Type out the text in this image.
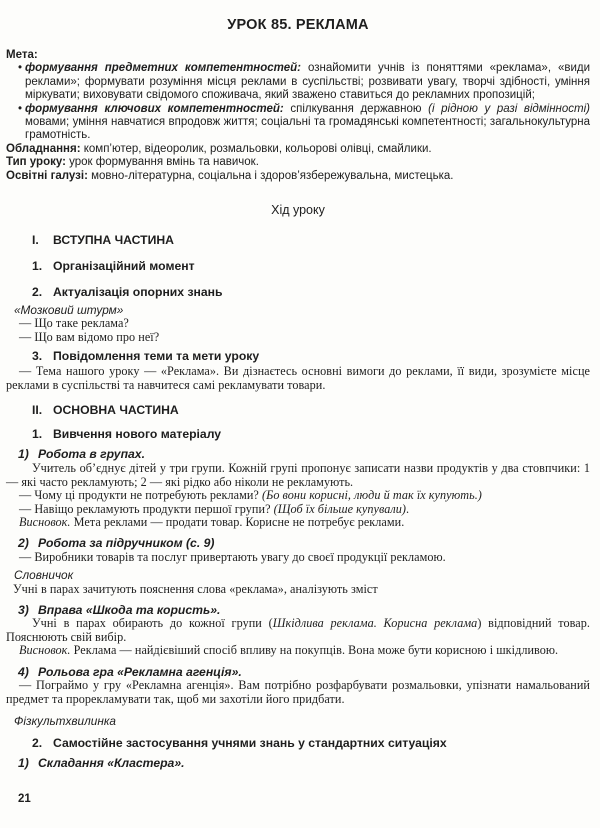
УРОК 85. РЕКЛАМА
Мета:
• формування предметних компетентностей: ознайомити учнів із поняттями «реклама», «види реклами»; формувати розуміння місця реклами в суспільстві; розвивати увагу, творчі здібності, уміння міркувати; виховувати свідомого споживача, який зважено ставиться до рекламних пропозицій;
• формування ключових компетентностей: спілкування державною (і рідною у разі відмінності) мовами; уміння навчатися впродовж життя; соціальні та громадянські компетентності; загальнокультурна грамотність.
Обладнання: комп’ютер, відеоролик, розмальовки, кольорові олівці, смайлики.
Тип уроку: урок формування вмінь та навичок.
Освітні галузі: мовно-літературна, соціальна і здоров’язбережувальна, мистецька.
Хід уроку
I.	ВСТУПНА ЧАСТИНА
1. Організаційний момент
2. Актуалізація опорних знань
«Мозковий штурм»
— Що таке реклама?
— Що вам відомо про неї?
3. Повідомлення теми та мети уроку
— Тема нашого уроку — «Реклама». Ви дізнаєтесь основні вимоги до реклами, її види, зрозумієте місце реклами в суспільстві та навчитеся самі рекламувати товари.
II. ОСНОВНА ЧАСТИНА
1. Вивчення нового матеріалу
1) Робота в групах.
Учитель об’єднує дітей у три групи. Кожній групі пропонує записати назви продуктів у два стовпчики: 1 — які часто рекламують; 2 — які рідко або ніколи не рекламують.
— Чому ці продукти не потребують реклами? (Бо вони корисні, люди й так їх купують.)
— Навіщо рекламують продукти першої групи? (Щоб їх більше купували).
Висновок. Мета реклами — продати товар. Корисне не потребує реклами.
2) Робота за підручником (с. 9)
— Виробники товарів та послуг привертають увагу до своєї продукції рекламою.
Словничок
Учні в парах зачитують пояснення слова «реклама», аналізують зміст
3) Вправа «Шкода та користь».
Учні в парах обирають до кожної групи (Шкідлива реклама. Корисна реклама) відповідний товар. Пояснюють свій вибір.
Висновок. Реклама — найдієвіший спосіб впливу на покупців. Вона може бути корисною і шкідливою.
4) Рольова гра «Рекламна агенція».
— Пограймо у гру «Рекламна агенція». Вам потрібно розфарбувати розмальовки, упізнати намальований предмет та прорекламувати так, щоб ми захотіли його придбати.
Фізкультхвилинка
2. Самостійне застосування учнями знань у стандартних ситуаціях
1) Складання «Кластера».
21
